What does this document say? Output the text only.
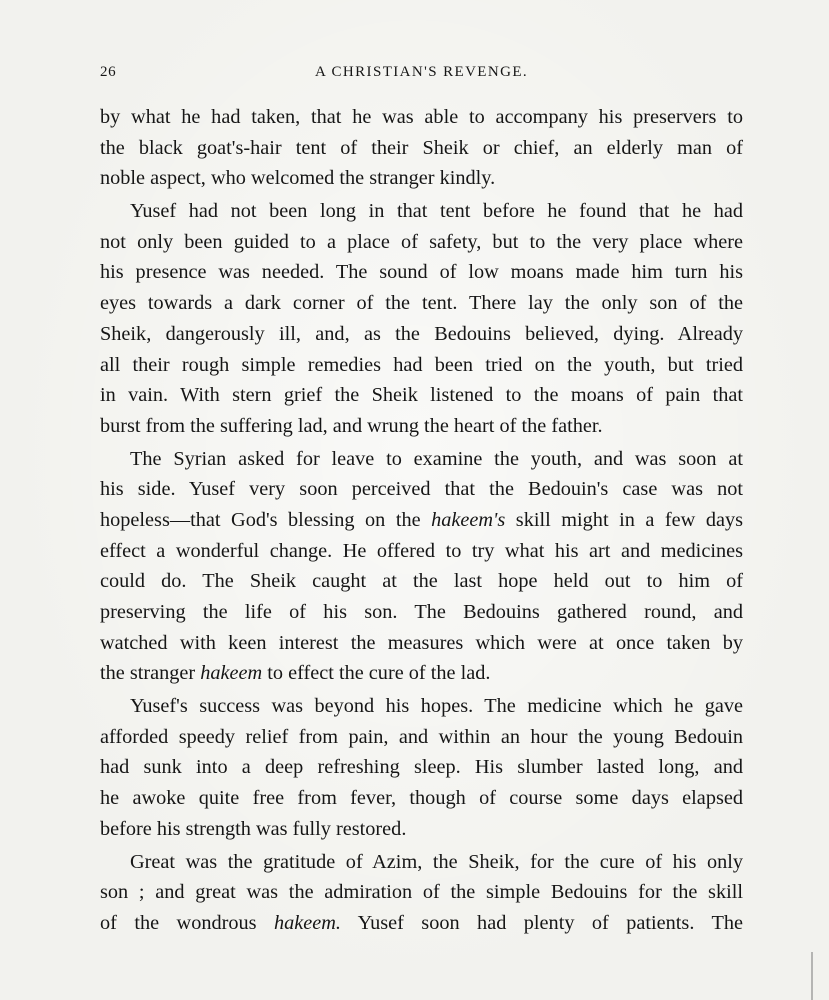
26	A CHRISTIAN'S REVENGE.
by what he had taken, that he was able to accompany his preservers to
the black goat's-hair tent of their Sheik or chief, an elderly man of
noble aspect, who welcomed the stranger kindly.
Yusef had not been long in that tent before he found that he had
not only been guided to a place of safety, but to the very place where
his presence was needed. The sound of low moans made him turn his
eyes towards a dark corner of the tent. There lay the only son of the
Sheik, dangerously ill, and, as the Bedouins believed, dying. Already
all their rough simple remedies had been tried on the youth, but tried
in vain. With stern grief the Sheik listened to the moans of pain that
burst from the suffering lad, and wrung the heart of the father.
The Syrian asked for leave to examine the youth, and was soon at
his side. Yusef very soon perceived that the Bedouin's case was not
hopeless—that God's blessing on the hakeem's skill might in a few days
effect a wonderful change. He offered to try what his art and medicines
could do. The Sheik caught at the last hope held out to him of
preserving the life of his son. The Bedouins gathered round, and
watched with keen interest the measures which were at once taken by
the stranger hakeem to effect the cure of the lad.
Yusef's success was beyond his hopes. The medicine which he gave
afforded speedy relief from pain, and within an hour the young Bedouin
had sunk into a deep refreshing sleep. His slumber lasted long, and
he awoke quite free from fever, though of course some days elapsed
before his strength was fully restored.
Great was the gratitude of Azim, the Sheik, for the cure of his only
son ; and great was the admiration of the simple Bedouins for the skill
of the wondrous hakeem. Yusef soon had plenty of patients. The
